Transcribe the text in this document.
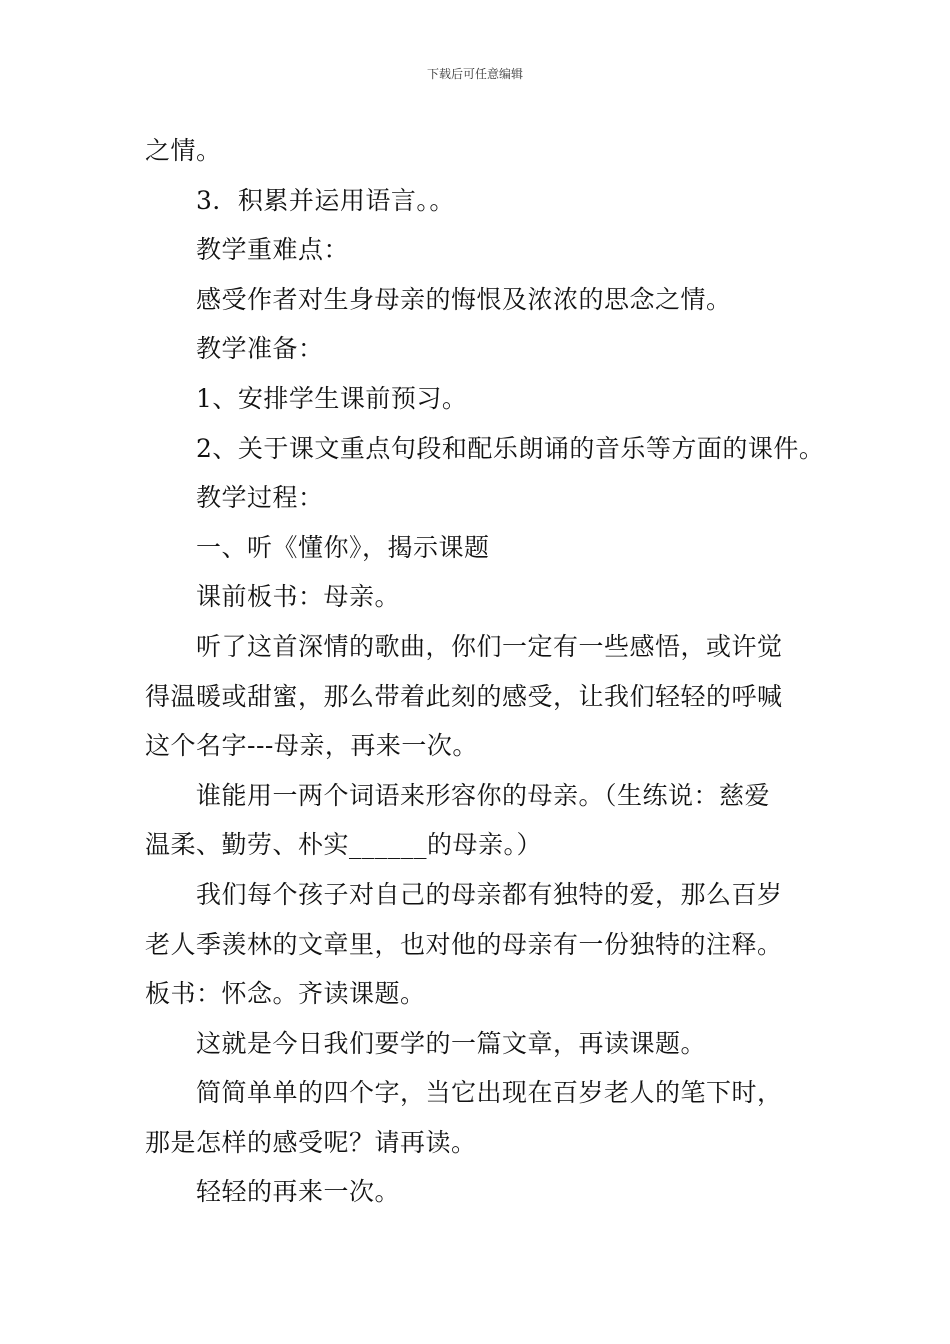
下载后可任意编辑
之情。
3．积累并运用语言。。
教学重难点：
感受作者对生身母亲的悔恨及浓浓的思念之情。
教学准备：
1、安排学生课前预习。
2、关于课文重点句段和配乐朗诵的音乐等方面的课件。
教学过程：
一、听《懂你》，揭示课题
课前板书：母亲。
听了这首深情的歌曲，你们一定有一些感悟，或许觉
得温暖或甜蜜，那么带着此刻的感受，让我们轻轻的呼喊
这个名字---母亲，再来一次。
谁能用一两个词语来形容你的母亲。（生练说：慈爱
温柔、勤劳、朴实______的母亲。）
我们每个孩子对自己的母亲都有独特的爱，那么百岁
老人季羡林的文章里，也对他的母亲有一份独特的注释。
板书：怀念。齐读课题。
这就是今日我们要学的一篇文章，再读课题。
简简单单的四个字，当它出现在百岁老人的笔下时，
那是怎样的感受呢？请再读。
轻轻的再来一次。
